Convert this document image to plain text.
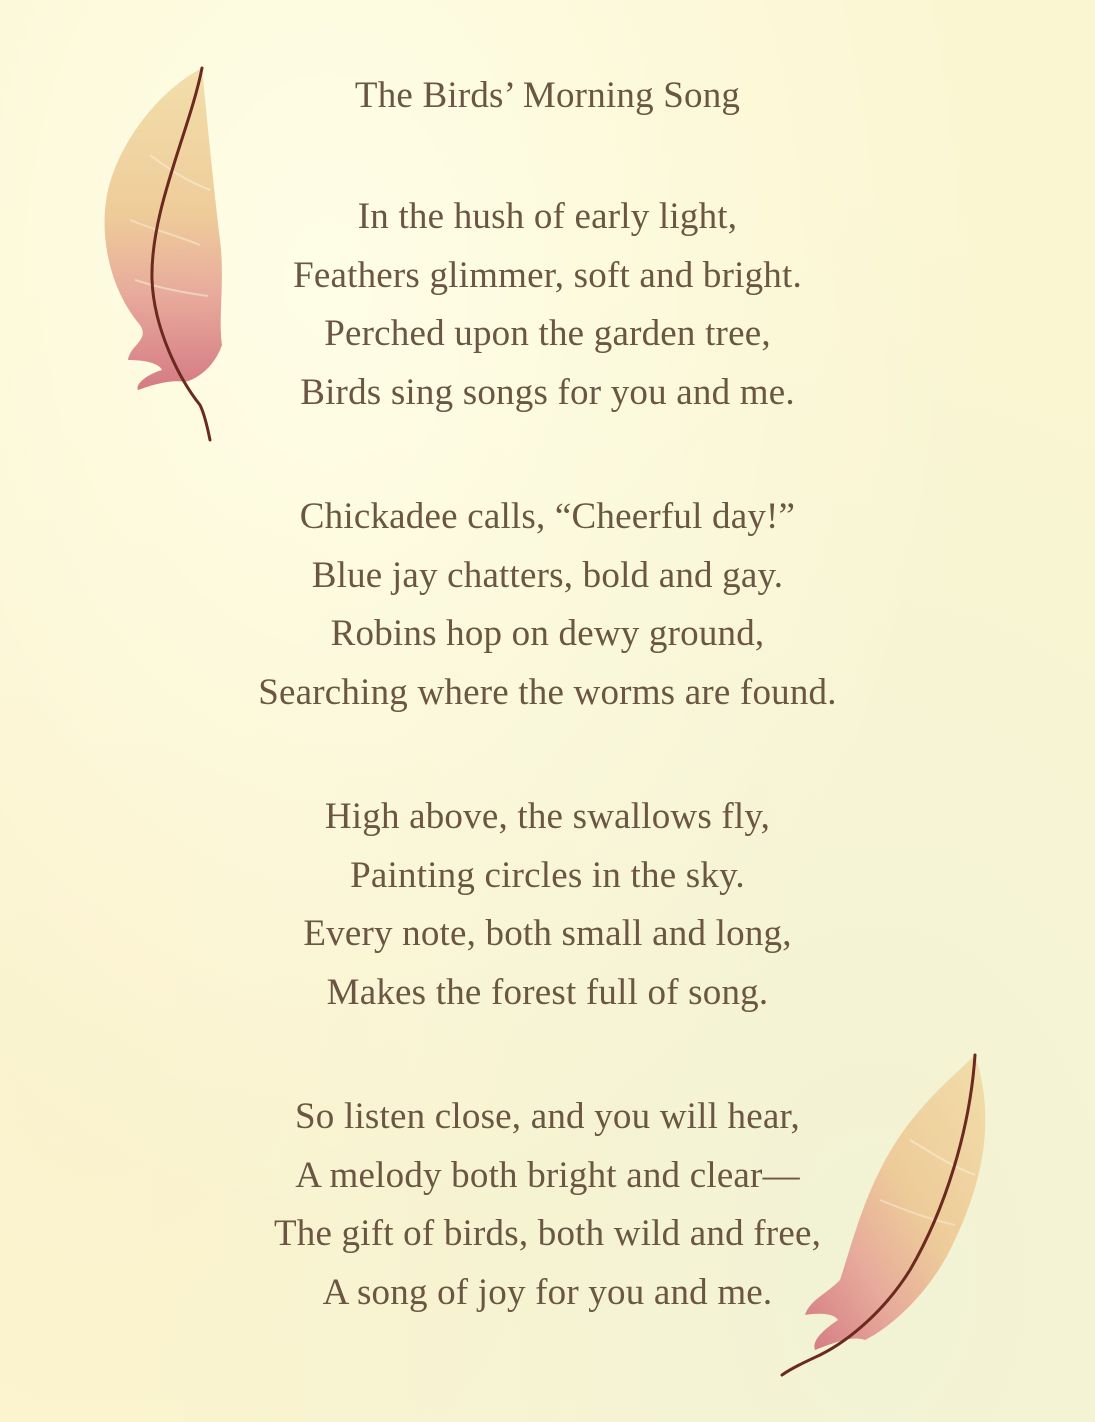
The Birds’ Morning Song
In the hush of early light,
Feathers glimmer, soft and bright.
Perched upon the garden tree,
Birds sing songs for you and me.
Chickadee calls, “Cheerful day!”
Blue jay chatters, bold and gay.
Robins hop on dewy ground,
Searching where the worms are found.
High above, the swallows fly,
Painting circles in the sky.
Every note, both small and long,
Makes the forest full of song.
So listen close, and you will hear,
A melody both bright and clear—
The gift of birds, both wild and free,
A song of joy for you and me.
